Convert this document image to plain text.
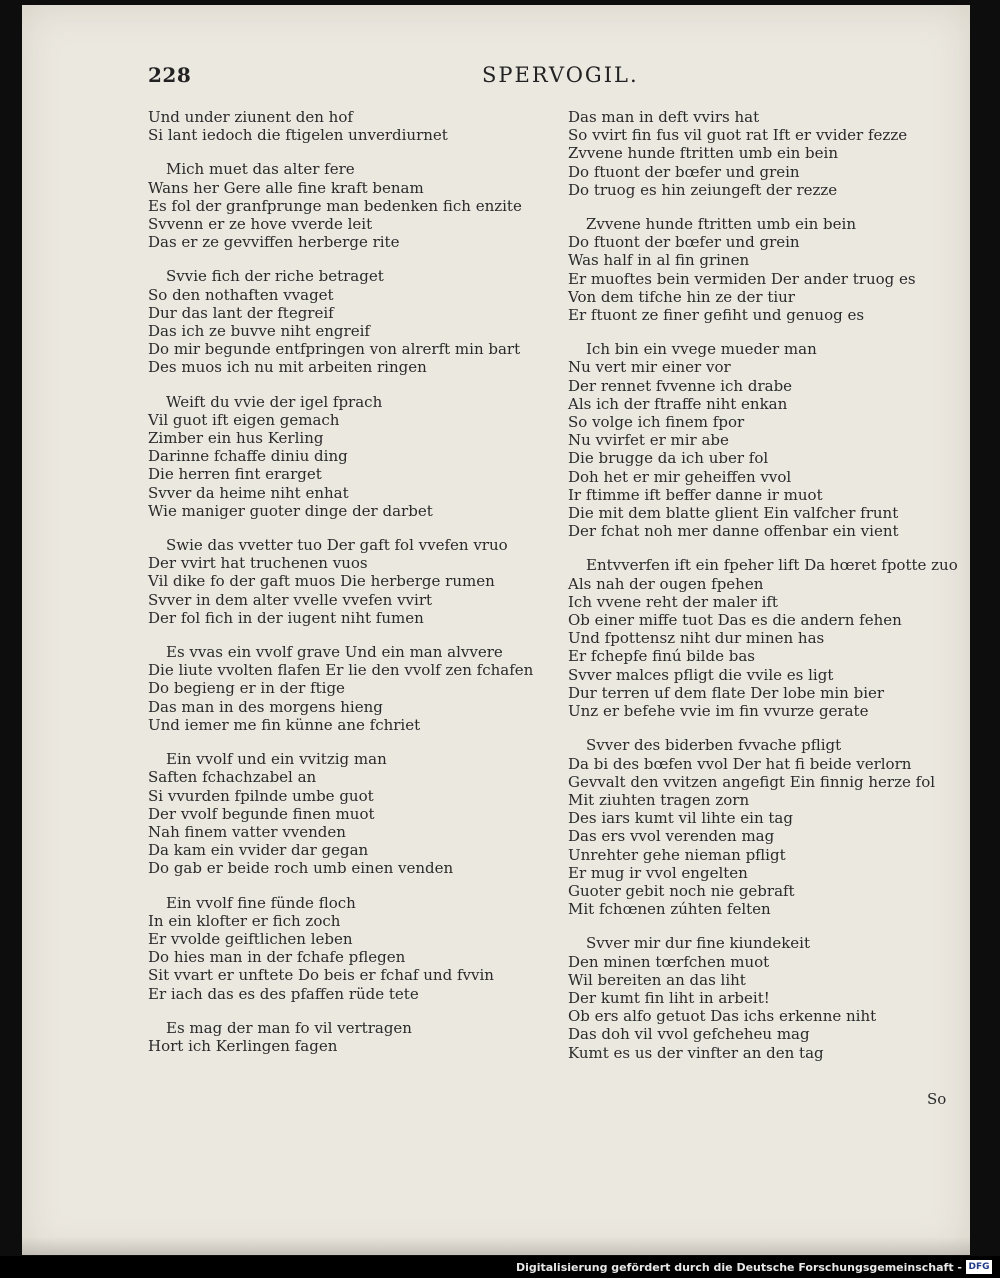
228	SPERVOGIL.
Und under ziunent den hof
Si lant iedoch die ftigelen unverdiurnet
Mich muet das alter fere
Wans her Gere alle fine kraft benam
Es fol der granfprunge man bedenken fich enzite
Svvenn er ze hove vverde leit
Das er ze gevviffen herberge rite
Svvie fich der riche betraget
So den nothaften vvaget
Dur das lant der ftegreif
Das ich ze buvve niht engreif
Do mir begunde entfpringen von alrerft min bart
Des muos ich nu mit arbeiten ringen
Weift du vvie der igel fprach
Vil guot ift eigen gemach
Zimber ein hus Kerling
Darinne fchaffe diniu ding
Die herren fint erarget
Svver da heime niht enhat
Wie maniger guoter dinge der darbet
Swie das vvetter tuo Der gaft fol vvefen vruo
Der vvirt hat truchenen vuos
Vil dike fo der gaft muos Die herberge rumen
Svver in dem alter vvelle vvefen vvirt
Der fol fich in der iugent niht fumen
Es vvas ein vvolf grave Und ein man alvvere
Die liute vvolten flafen Er lie den vvolf zen fchafen
Do begieng er in der ftige
Das man in des morgens hieng
Und iemer me fin künne ane fchriet
Ein vvolf und ein vvitzig man
Saften fchachzabel an
Si vvurden fpilnde umbe guot
Der vvolf begunde finen muot
Nah finem vatter vvenden
Da kam ein vvider dar gegan
Do gab er beide roch umb einen venden
Ein vvolf fine fünde floch
In ein klofter er fich zoch
Er vvolde geiftlichen leben
Do hies man in der fchafe pflegen
Sit vvart er unftete Do beis er fchaf und fvvin
Er iach das es des pfaffen rüde tete
Es mag der man fo vil vertragen
Hort ich Kerlingen fagen
Das man in deft vvirs hat
So vvirt fin fus vil guot rat Ift er vvider fezze
Zvvene hunde ftritten umb ein bein
Do ftuont der bœfer und grein
Do truog es hin zeiungeft der rezze
Zvvene hunde ftritten umb ein bein
Do ftuont der bœfer und grein
Was half in al fin grinen
Er muoftes bein vermiden Der ander truog es
Von dem tifche hin ze der tiur
Er ftuont ze finer gefiht und genuog es
Ich bin ein vvege mueder man
Nu vert mir einer vor
Der rennet fvvenne ich drabe
Als ich der ftraffe niht enkan
So volge ich finem fpor
Nu vvirfet er mir abe
Die brugge da ich uber fol
Doh het er mir geheiffen vvol
Ir ftimme ift beffer danne ir muot
Die mit dem blatte glient Ein valfcher frunt
Der fchat noh mer danne offenbar ein vient
Entvverfen ift ein fpeher lift Da hœret fpotte zuo
Als nah der ougen fpehen
Ich vvene reht der maler ift
Ob einer miffe tuot Das es die andern fehen
Und fpottensz niht dur minen has
Er fchepfe finú bilde bas
Svver malces pfligt die vvile es ligt
Dur terren uf dem flate Der lobe min bier
Unz er befehe vvie im fin vvurze gerate
Svver des biderben fvvache pfligt
Da bi des bœfen vvol Der hat fi beide verlorn
Gevvalt den vvitzen angefigt Ein finnig herze fol
Mit ziuhten tragen zorn
Des iars kumt vil lihte ein tag
Das ers vvol verenden mag
Unrehter gehe nieman pfligt
Er mug ir vvol engelten
Guoter gebit noch nie gebraft
Mit fchœnen zúhten felten
Svver mir dur fine kiundekeit
Den minen tœrfchen muot
Wil bereiten an das liht
Der kumt fin liht in arbeit!
Ob ers alfo getuot Das ichs erkenne niht
Das doh vil vvol gefcheheu mag
Kumt es us der vinfter an den tag
So
Digitalisierung gefördert durch die Deutsche Forschungsgemeinschaft - DFG
